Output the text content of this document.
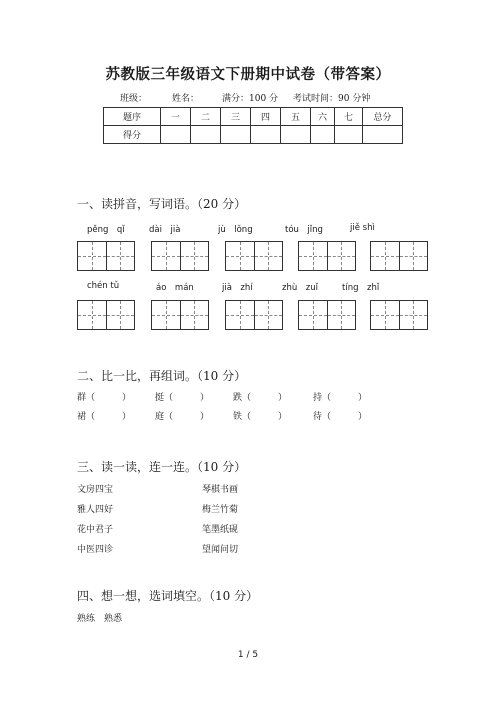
苏教版三年级语文下册期中试卷（带答案）
班级：	姓名：	满分：100 分 考试时间：90 分钟
题序	一	二	三	四	五	六	七	总分
得分								
一、读拼音，写词语。（20 分）
pěng　qǐ	dài　jià	jù　lǒng	tóu　jǐng	jiě shì
chén tǔ	áo　mán	jià　zhí	zhù　zuǐ	tíng　zhǐ
二、比一比，再组词。（10 分）
群（　　　）	挺（　　　）	跌（　　　）	持（　　　）
裙（　　　）	庭（　　　）	铁（　　　）	待（　　　）
三、读一读，连一连。（10 分）
文房四宝
雅人四好
花中君子
中医四诊
琴棋书画
梅兰竹菊
笔墨纸砚
望闻问切
四、想一想，选词填空。（10 分）
熟练　熟悉
1 / 5
